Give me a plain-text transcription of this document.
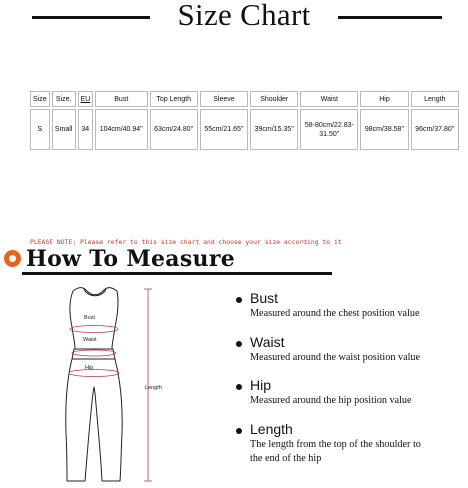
Size Chart
Size	Size.	EU	Bust	Top Length	Sleeve	Shoulder	Waist	Hip	Length
S	Small	34	104cm/40.94''	63cm/24.80''	55cm/21.65''	39cm/15.35''	58-80cm/22.83-31.50''	98cm/38.58''	96cm/37.80''
PLEASE NOTE: Please refer to this size chart and choose your size according to it
How To Measure
Bust
Waist
Hip
Length
Bust
Measured around the chest position value
Waist
Measured around the waist position value
Hip
Measured around the hip position value
Length
The length from the top of the shoulder to
the end of the hip
